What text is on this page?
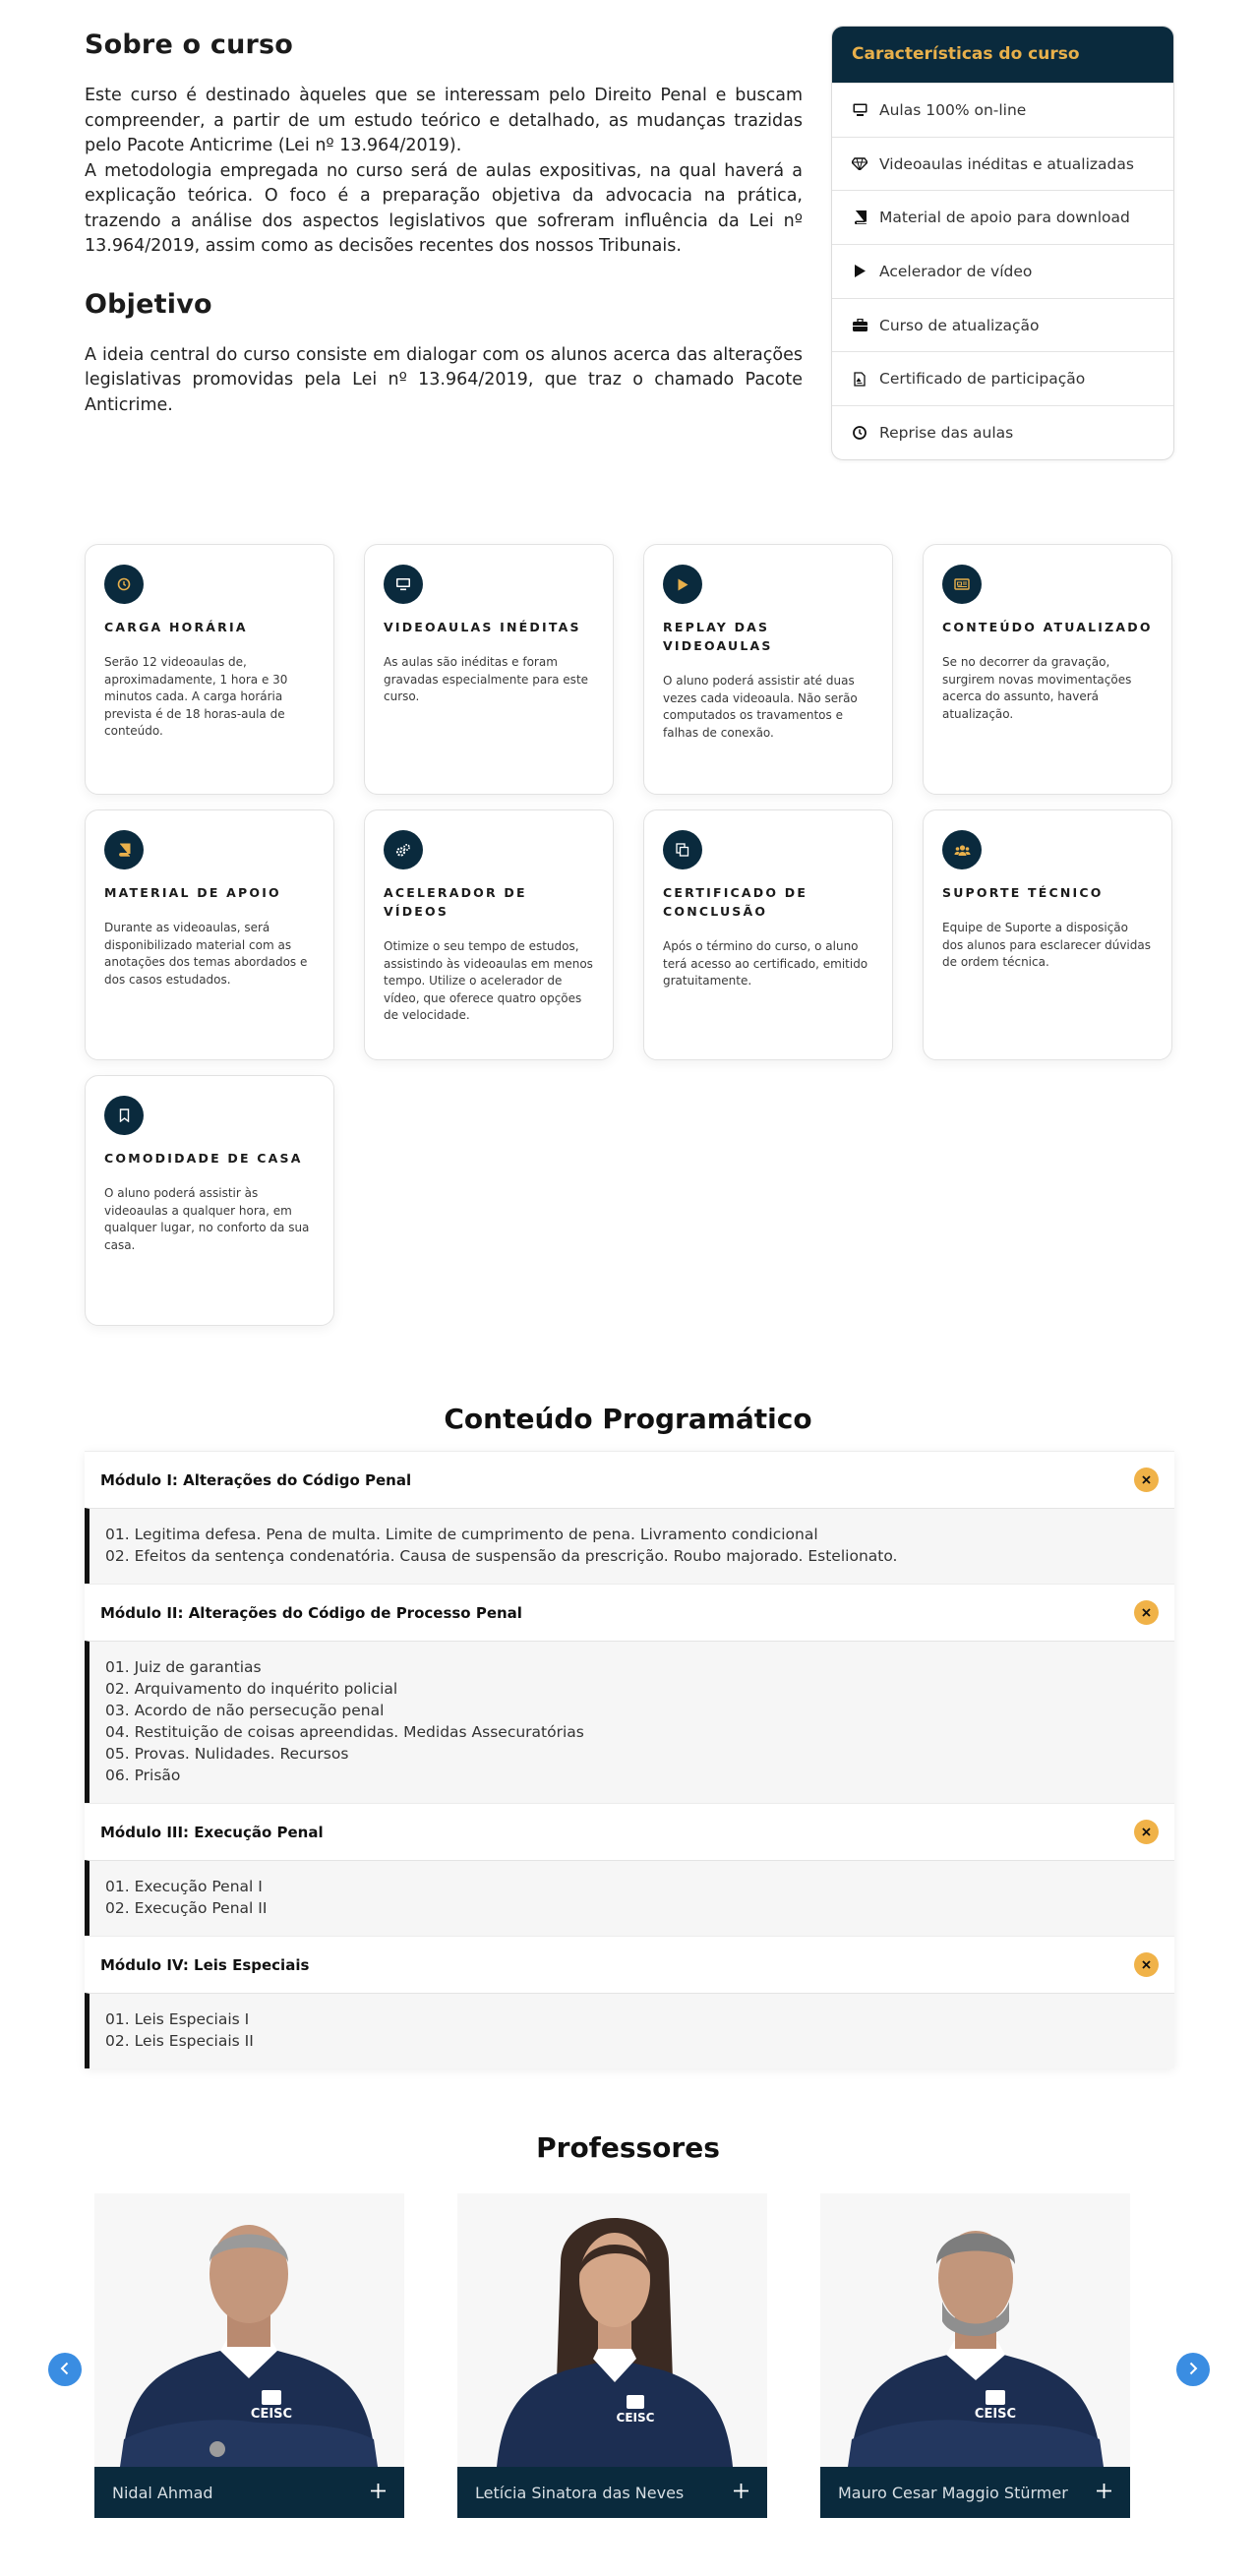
Sobre o curso

Este curso é destinado àqueles que se interessam pelo Direito Penal e buscam compreender, a partir de um estudo teórico e detalhado, as mudanças trazidas pelo Pacote Anticrime (Lei nº 13.964/2019).

A metodologia empregada no curso será de aulas expositivas, na qual haverá a explicação teórica. O foco é a preparação objetiva da advocacia na prática, trazendo a análise dos aspectos legislativos que sofreram influência da Lei nº 13.964/2019, assim como as decisões recentes dos nossos Tribunais.

Objetivo

A ideia central do curso consiste em dialogar com os alunos acerca das alterações legislativas promovidas pela Lei nº 13.964/2019, que traz o chamado Pacote Anticrime.

Características do curso
Aulas 100% on-line
Videoaulas inéditas e atualizadas
Material de apoio para download
Acelerador de vídeo
Curso de atualização
Certificado de participação
Reprise das aulas
CARGA HORÁRIA

Serão 12 videoaulas de, aproximadamente, 1 hora e 30 minutos cada. A carga horária prevista é de 18 horas-aula de conteúdo.

VIDEOAULAS INÉDITAS

As aulas são inéditas e foram gravadas especialmente para este curso.

REPLAY DAS VIDEOAULAS

O aluno poderá assistir até duas vezes cada videoaula. Não serão computados os travamentos e falhas de conexão.

CONTEÚDO ATUALIZADO

Se no decorrer da gravação, surgirem novas movimentações acerca do assunto, haverá atualização.

MATERIAL DE APOIO

Durante as videoaulas, será disponibilizado material com as anotações dos temas abordados e dos casos estudados.

ACELERADOR DE VÍDEOS

Otimize o seu tempo de estudos, assistindo às videoaulas em menos tempo. Utilize o acelerador de vídeo, que oferece quatro opções de velocidade.

CERTIFICADO DE CONCLUSÃO

Após o término do curso, o aluno terá acesso ao certificado, emitido gratuitamente.

SUPORTE TÉCNICO

Equipe de Suporte a disposição dos alunos para esclarecer dúvidas de ordem técnica.

COMODIDADE DE CASA

O aluno poderá assistir às videoaulas a qualquer hora, em qualquer lugar, no conforto da sua casa.

Conteúdo Programático
Módulo I: Alterações do Código Penal
01. Legitima defesa. Pena de multa. Limite de cumprimento de pena. Livramento condicional
02. Efeitos da sentença condenatória. Causa de suspensão da prescrição. Roubo majorado. Estelionato.
Módulo II: Alterações do Código de Processo Penal
01. Juiz de garantias
02. Arquivamento do inquérito policial
03. Acordo de não persecução penal
04. Restituição de coisas apreendidas. Medidas Assecuratórias
05. Provas. Nulidades. Recursos
06. Prisão
Módulo III: Execução Penal
01. Execução Penal I
02. Execução Penal II
Módulo IV: Leis Especiais
01. Leis Especiais I
02. Leis Especiais II
Professores
CEISC
Nidal Ahmad
CEISC
Letícia Sinatora das Neves
CEISC
Mauro Cesar Maggio Stürmer
